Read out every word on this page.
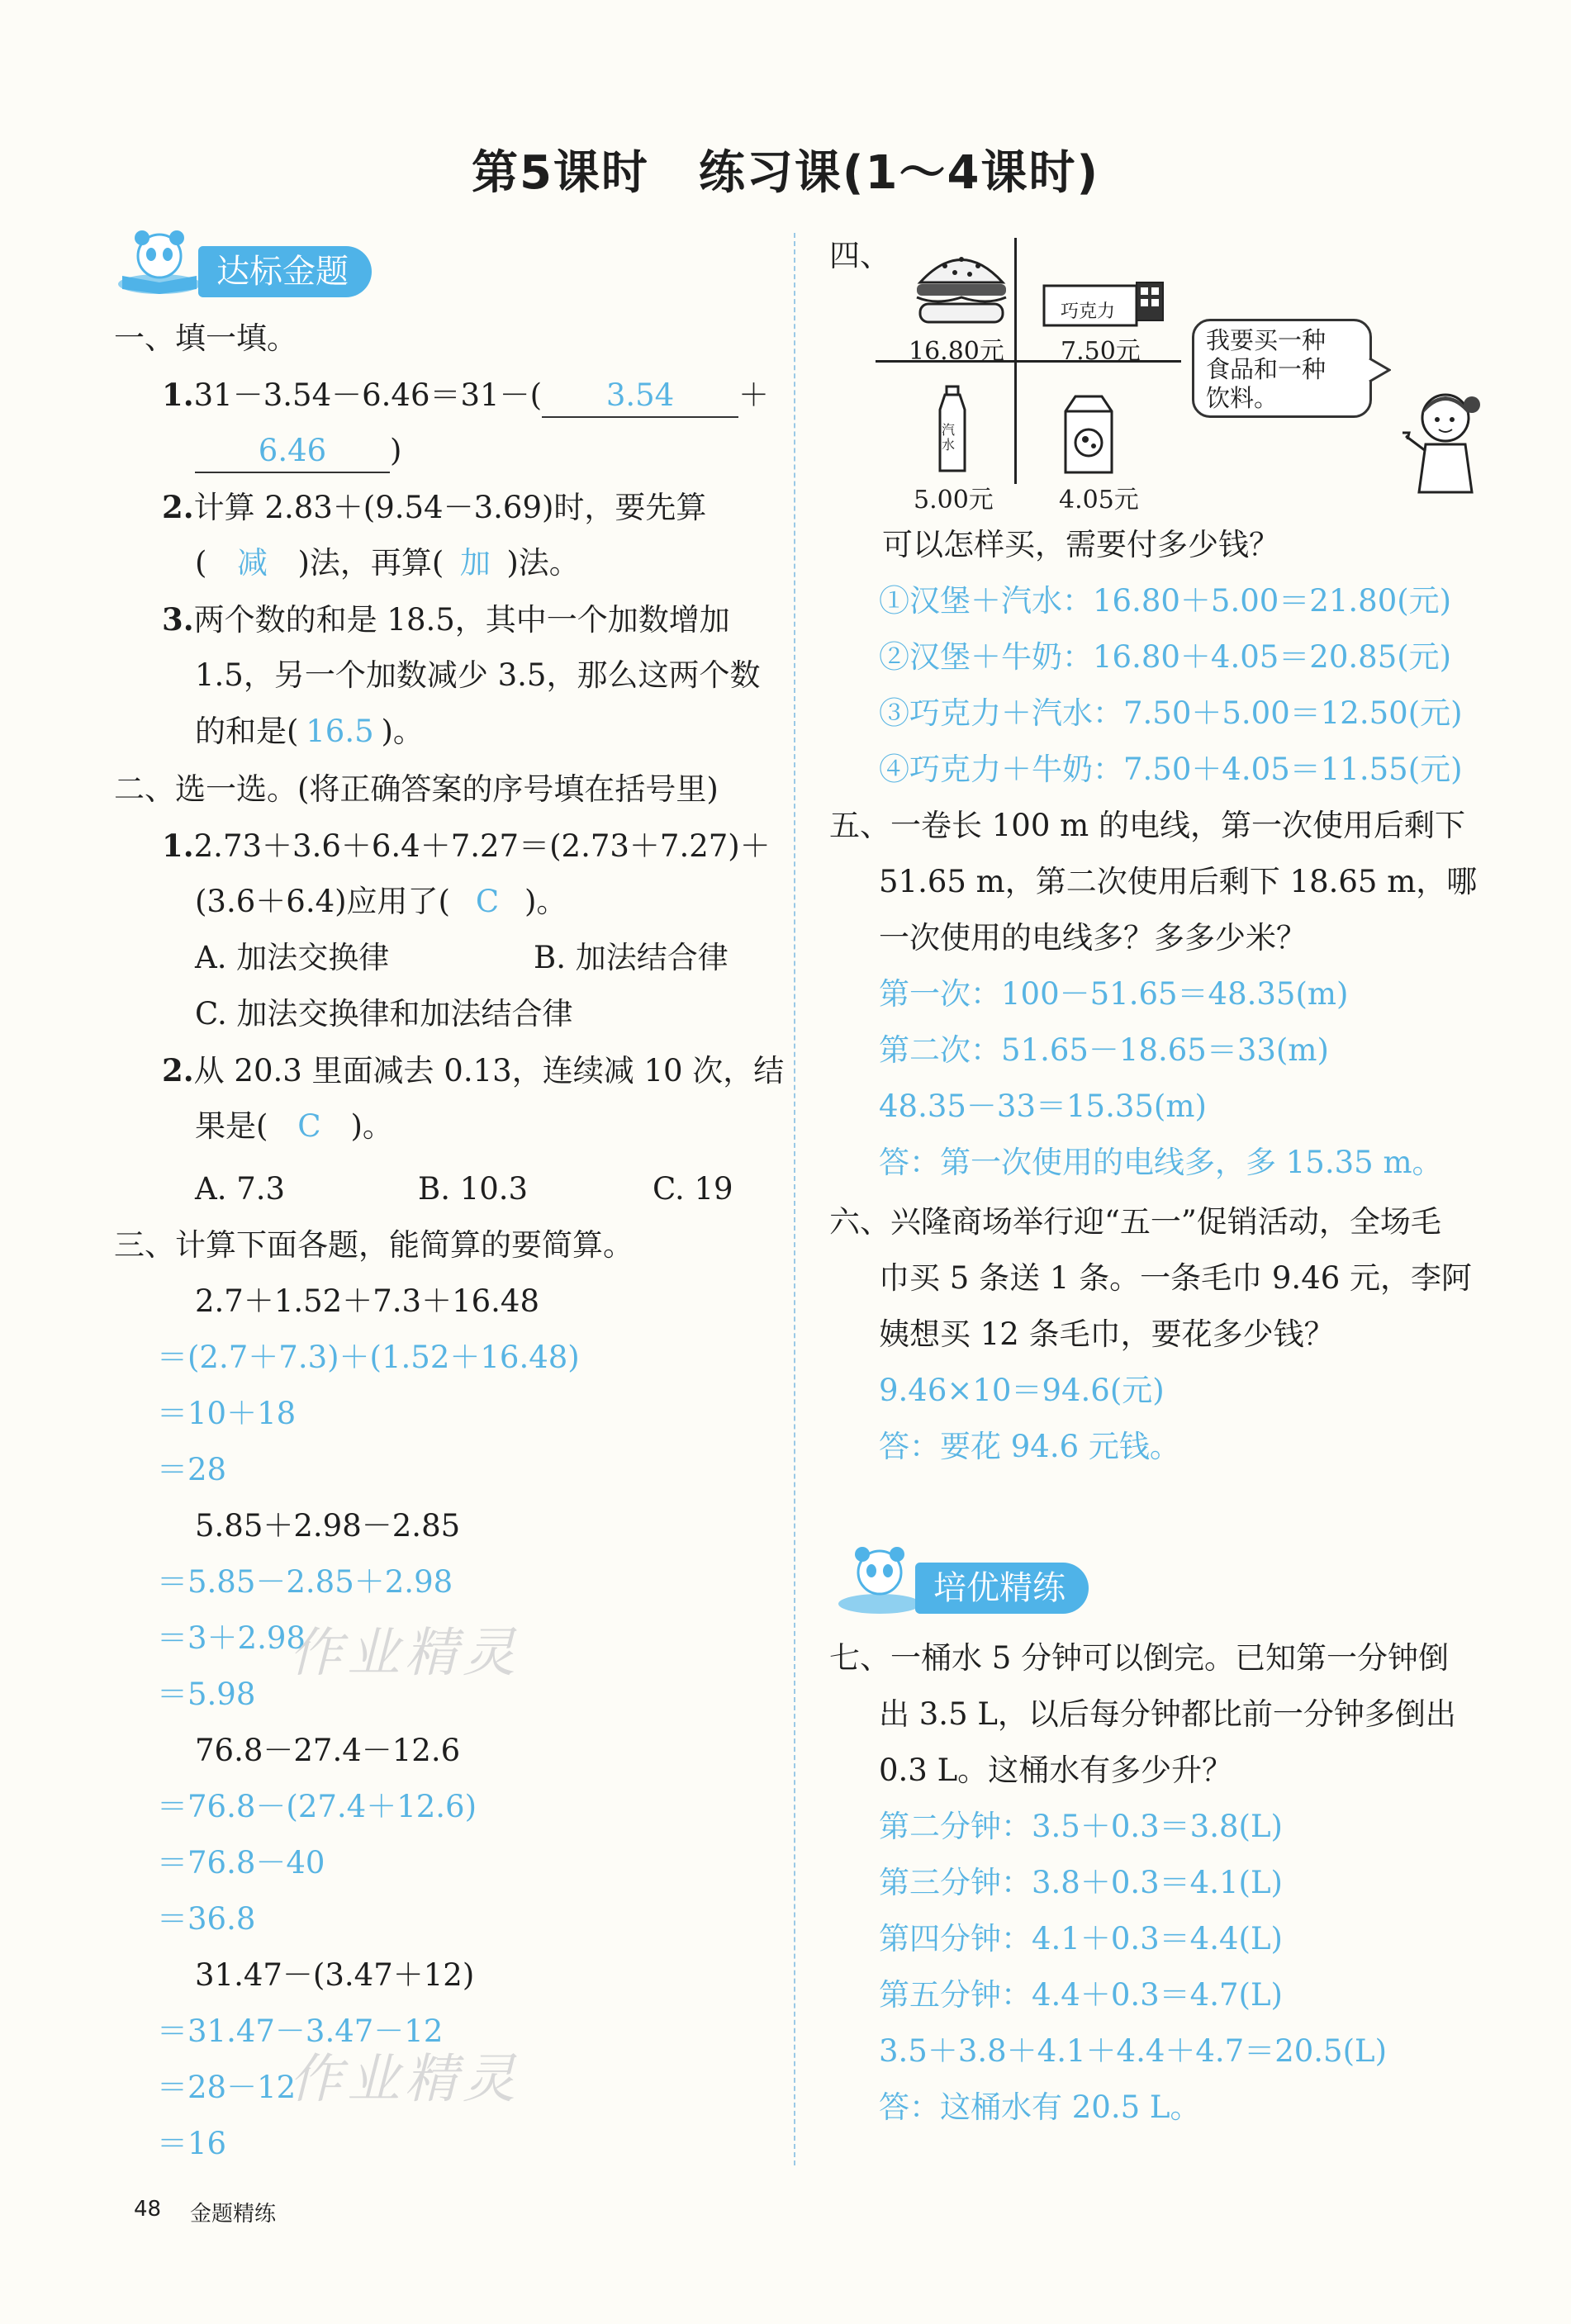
第5课时 练习课(1～4课时)
达标金题
培优精练
一、填一填。
1.31－3.54－6.46＝31－( 3.54 ＋
6.46 )
2.计算 2.83＋(9.54－3.69)时，要先算
( 减 )法，再算( 加 )法。
3.两个数的和是 18.5，其中一个加数增加
1.5，另一个加数减少 3.5，那么这两个数
的和是( 16.5 )。
二、选一选。(将正确答案的序号填在括号里)
1.2.73＋3.6＋6.4＋7.27＝(2.73＋7.27)＋
(3.6＋6.4)应用了( C )。
A. 加法交换律	B. 加法结合律
C. 加法交换律和加法结合律
2.从 20.3 里面减去 0.13，连续减 10 次，结
果是( C )。
A. 7.3	B. 10.3	C. 19
三、计算下面各题，能简算的要简算。
2.7＋1.52＋7.3＋16.48
＝(2.7＋7.3)＋(1.52＋16.48)
＝10＋18
＝28
5.85＋2.98－2.85
＝5.85－2.85＋2.98
＝3＋2.98
＝5.98
76.8－27.4－12.6
＝76.8－(27.4＋12.6)
＝76.8－40
＝36.8
31.47－(3.47＋12)
＝31.47－3.47－12
＝28－12
＝16
作业精灵
作业精灵
四、
16.80元
巧克力
7.50元
汽水
5.00元	4.05元
我要买一种
食品和一种
饮料。
可以怎样买，需要付多少钱？
①汉堡＋汽水：16.80＋5.00＝21.80(元)
②汉堡＋牛奶：16.80＋4.05＝20.85(元)
③巧克力＋汽水：7.50＋5.00＝12.50(元)
④巧克力＋牛奶：7.50＋4.05＝11.55(元)
五、一卷长 100 m 的电线，第一次使用后剩下
51.65 m，第二次使用后剩下 18.65 m，哪
一次使用的电线多？多多少米？
第一次：100－51.65＝48.35(m)
第二次：51.65－18.65＝33(m)
48.35－33＝15.35(m)
答：第一次使用的电线多，多 15.35 m。
六、兴隆商场举行迎“五一”促销活动，全场毛
巾买 5 条送 1 条。一条毛巾 9.46 元，李阿
姨想买 12 条毛巾，要花多少钱？
9.46×10＝94.6(元)
答：要花 94.6 元钱。
七、一桶水 5 分钟可以倒完。已知第一分钟倒
出 3.5 L，以后每分钟都比前一分钟多倒出
0.3 L。这桶水有多少升？
第二分钟：3.5＋0.3＝3.8(L)
第三分钟：3.8＋0.3＝4.1(L)
第四分钟：4.1＋0.3＝4.4(L)
第五分钟：4.4＋0.3＝4.7(L)
3.5＋3.8＋4.1＋4.4＋4.7＝20.5(L)
答：这桶水有 20.5 L。
48 金题精练
